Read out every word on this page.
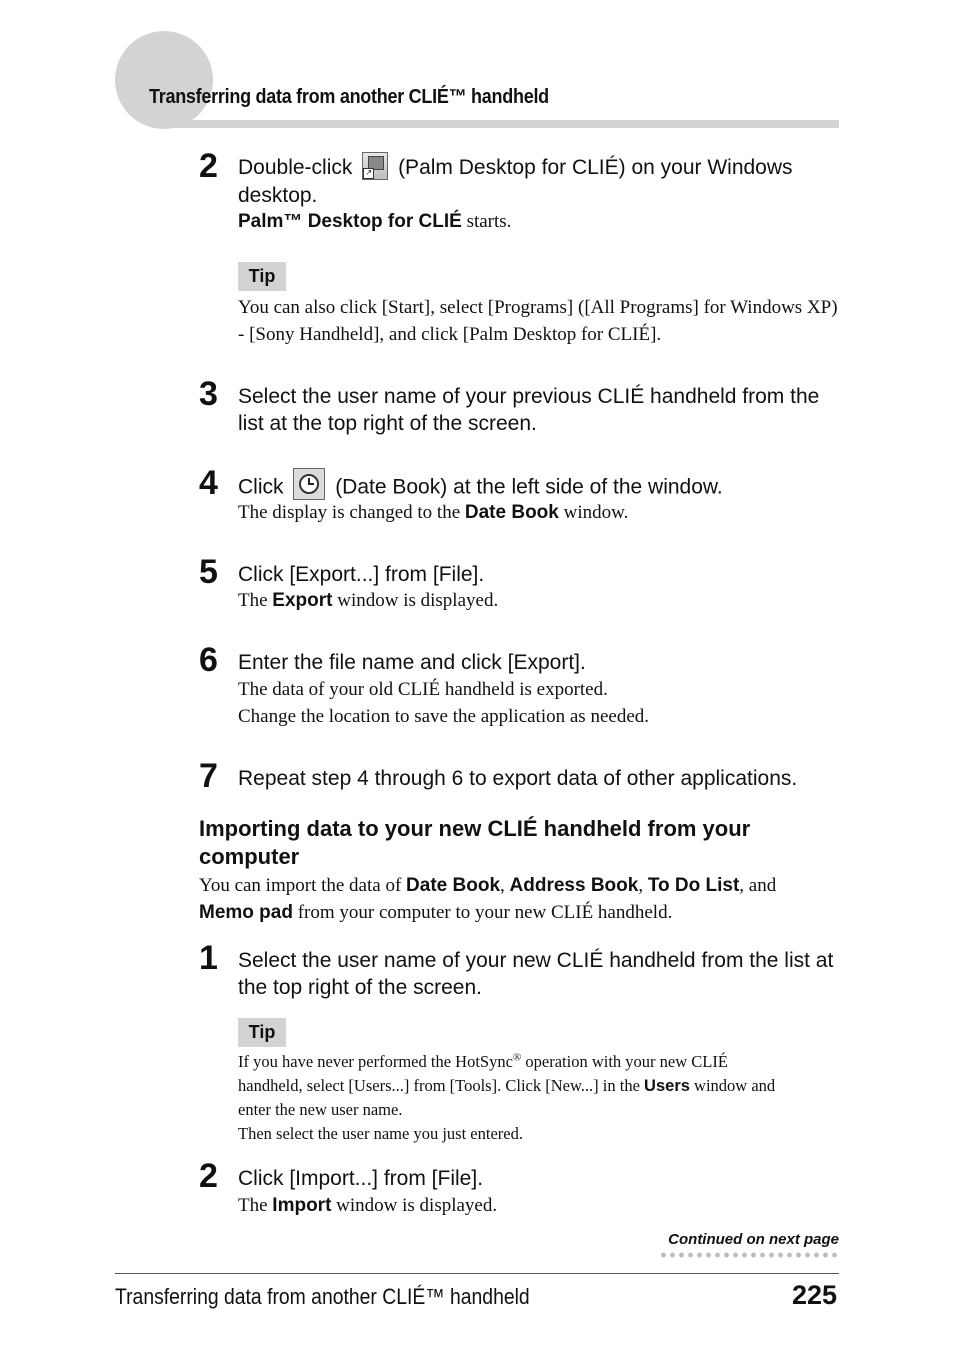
Transferring data from another CLIÉ™ handheld
2 Double-click ↗ (Palm Desktop for CLIÉ) on your Windows desktop.
Palm™ Desktop for CLIÉ starts.
Tip
You can also click [Start], select [Programs] ([All Programs] for Windows XP) - [Sony Handheld], and click [Palm Desktop for CLIÉ].
3 Select the user name of your previous CLIÉ handheld from the list at the top right of the screen.
4 Click (Date Book) at the left side of the window.
The display is changed to the Date Book window.
5 Click [Export...] from [File].
The Export window is displayed.
6 Enter the file name and click [Export].
The data of your old CLIÉ handheld is exported.
Change the location to save the application as needed.
7 Repeat step 4 through 6 to export data of other applications.
Importing data to your new CLIÉ handheld from your computer
You can import the data of Date Book, Address Book, To Do List, and
Memo pad from your computer to your new CLIÉ handheld.
1 Select the user name of your new CLIÉ handheld from the list at the top right of the screen.
Tip
If you have never performed the HotSync® operation with your new CLIÉ
handheld, select [Users...] from [Tools]. Click [New...] in the Users window and
enter the new user name.
Then select the user name you just entered.
2 Click [Import...] from [File].
The Import window is displayed.
Continued on next page
Transferring data from another CLIÉ™ handheld	225
